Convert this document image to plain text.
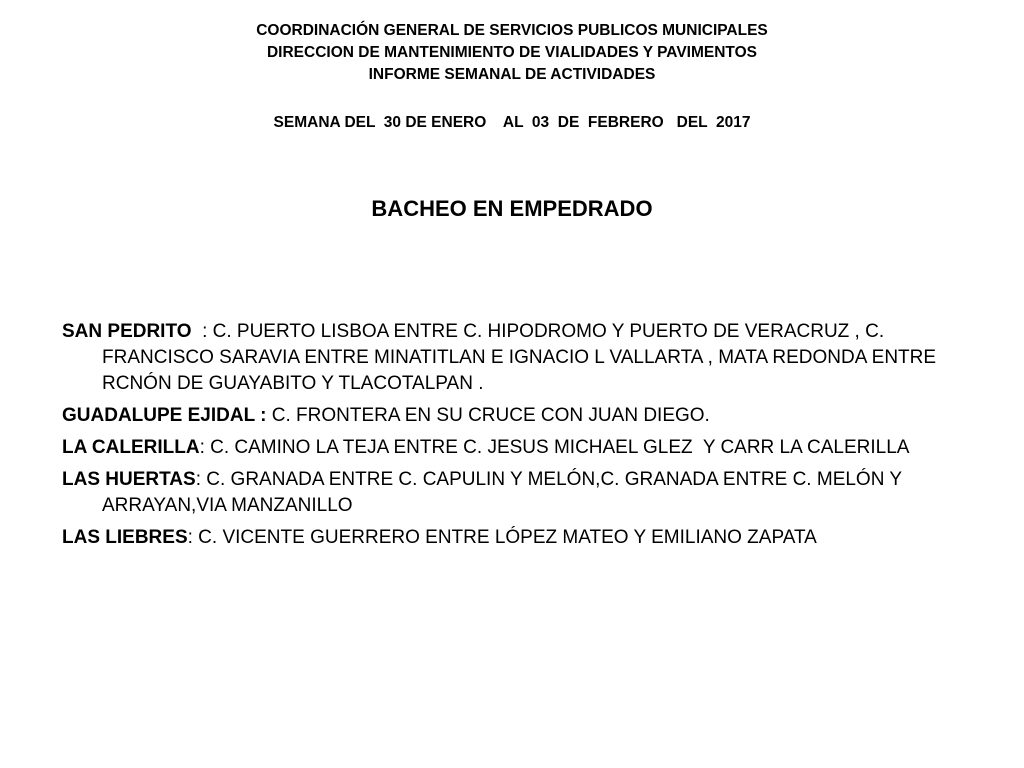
COORDINACIÓN GENERAL DE SERVICIOS PUBLICOS MUNICIPALES
DIRECCION DE MANTENIMIENTO DE VIALIDADES Y PAVIMENTOS
INFORME SEMANAL DE ACTIVIDADES
SEMANA DEL  30 DE ENERO    AL  03  DE  FEBRERO   DEL  2017
BACHEO EN EMPEDRADO

SAN PEDRITO  : C. PUERTO LISBOA ENTRE C. HIPODROMO Y PUERTO DE VERACRUZ , C. FRANCISCO SARAVIA ENTRE MINATITLAN E IGNACIO L VALLARTA , MATA REDONDA ENTRE RCNÓN DE GUAYABITO Y TLACOTALPAN .

GUADALUPE EJIDAL : C. FRONTERA EN SU CRUCE CON JUAN DIEGO.

LA CALERILLA: C. CAMINO LA TEJA ENTRE C. JESUS MICHAEL GLEZ  Y CARR LA CALERILLA

LAS HUERTAS: C. GRANADA ENTRE C. CAPULIN Y MELÓN,C. GRANADA ENTRE C. MELÓN Y ARRAYAN,VIA MANZANILLO

LAS LIEBRES: C. VICENTE GUERRERO ENTRE LÓPEZ MATEO Y EMILIANO ZAPATA
